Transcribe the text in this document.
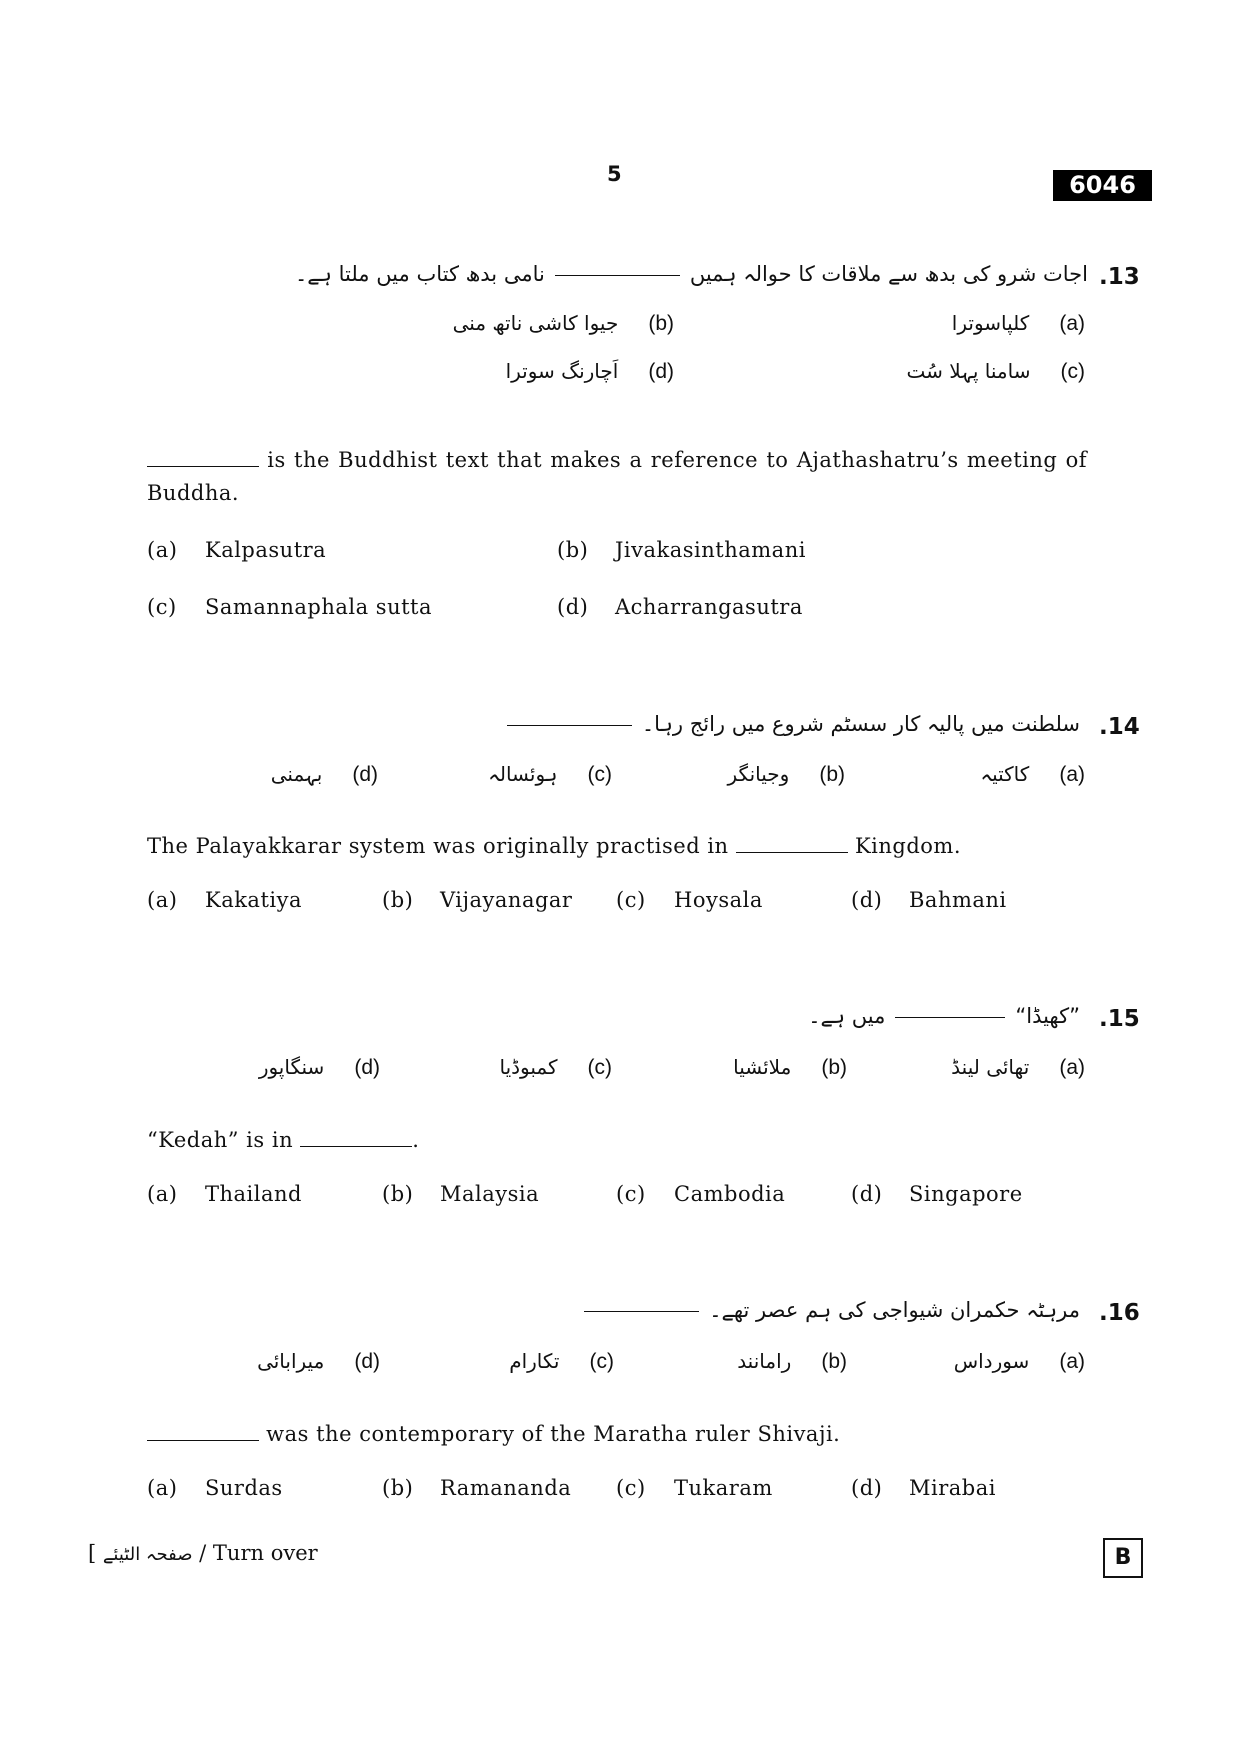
5	6046
.13
اجات شرو کی بدھ سے ملاقات کا حوالہ ہمیںنامی بدھ کتاب میں ملتا ہے۔
(a)کلپاسوترا
(b)جیوا کاشی ناتھ منی
(c)سامنا پہلا سُت
(d)اَچارنگ سوترا
is the Buddhist text that makes a reference to Ajathashatru’s meeting of Buddha.
(a) Kalpasutra	(b) Jivakasinthamani
(c) Samannaphala sutta	(d) Acharrangasutra
.14
سلطنت میں پالیہ کار سسٹم شروع میں رائج رہا۔
(a)کاکتیہ
(b)وجیانگر
(c)ہوئسالہ
(d)بہمنی
The Palayakkarar system was originally practised in	Kingdom.
(a) Kakatiya	(b) Vijayanagar (c) Hoysala	(d) Bahmani
.15
”کھیڈا“میں ہے۔
(a)تھائی لینڈ
(b)ملائشیا
(c)کمبوڈیا
(d)سنگاپور
“Kedah” is in	.
(a) Thailand	(b) Malaysia	(c) Cambodia	(d) Singapore
.16
مرہٹہ حکمران شیواجی کی ہم عصر تھے۔
(a)سورداس
(b)رامانند
(c)تکارام
(d)میرابائی
was the contemporary of the Maratha ruler Shivaji.
(a) Surdas	(b) Ramananda (c) Tukaram	(d) Mirabai
[ صفحہ الٹیئے / Turn over	B
